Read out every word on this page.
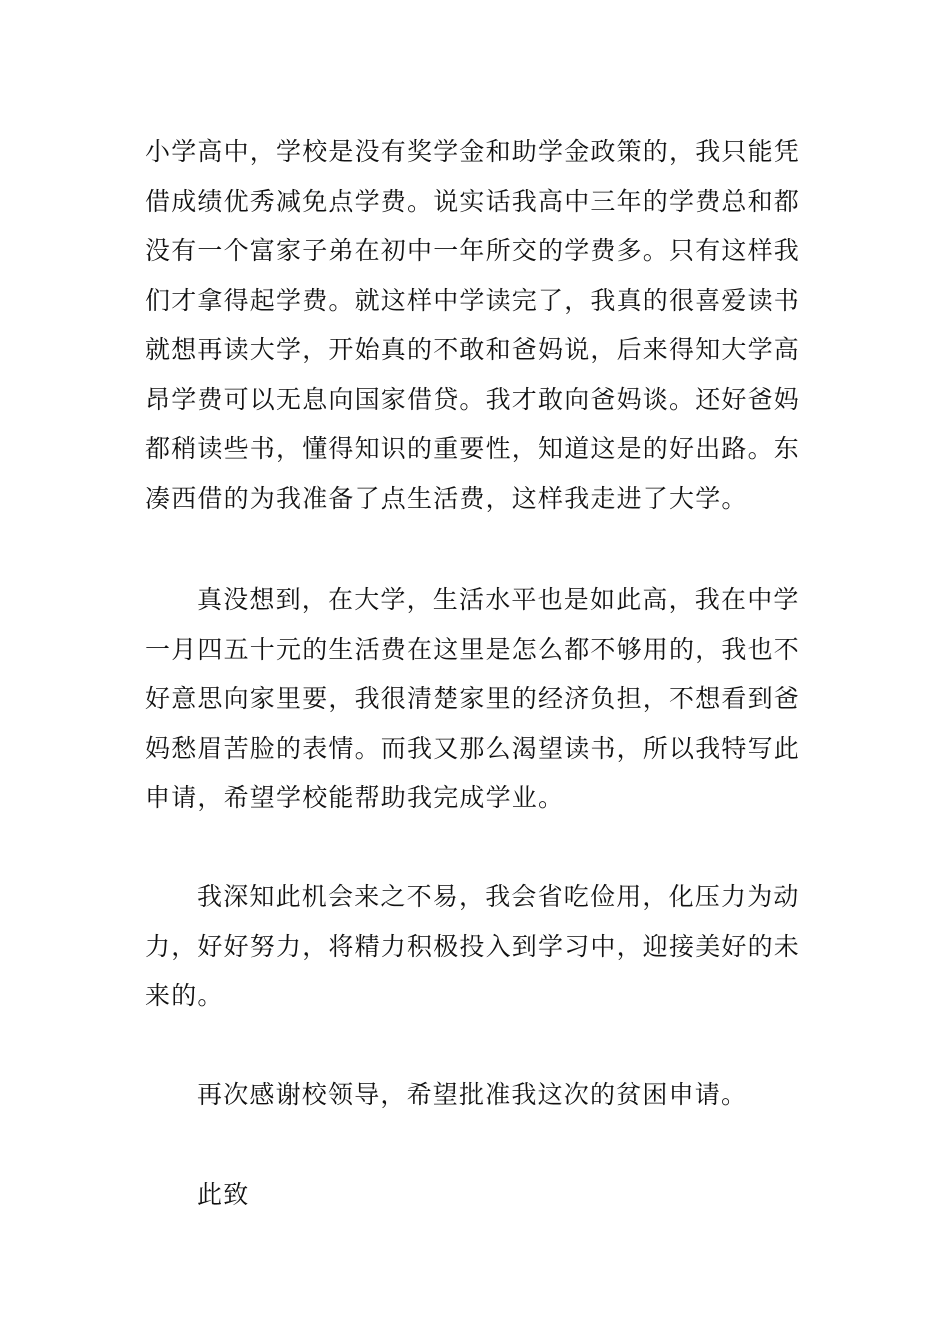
小学高中，学校是没有奖学金和助学金政策的，我只能凭
借成绩优秀减免点学费。说实话我高中三年的学费总和都
没有一个富家子弟在初中一年所交的学费多。只有这样我
们才拿得起学费。就这样中学读完了，我真的很喜爱读书
就想再读大学，开始真的不敢和爸妈说，后来得知大学高
昂学费可以无息向国家借贷。我才敢向爸妈谈。还好爸妈
都稍读些书，懂得知识的重要性，知道这是的好出路。东
凑西借的为我准备了点生活费，这样我走进了大学。
真没想到，在大学，生活水平也是如此高，我在中学
一月四五十元的生活费在这里是怎么都不够用的，我也不
好意思向家里要，我很清楚家里的经济负担，不想看到爸
妈愁眉苦脸的表情。而我又那么渴望读书，所以我特写此
申请，希望学校能帮助我完成学业。
我深知此机会来之不易，我会省吃俭用，化压力为动
力，好好努力，将精力积极投入到学习中，迎接美好的未
来的。
再次感谢校领导，希望批准我这次的贫困申请。
此致
